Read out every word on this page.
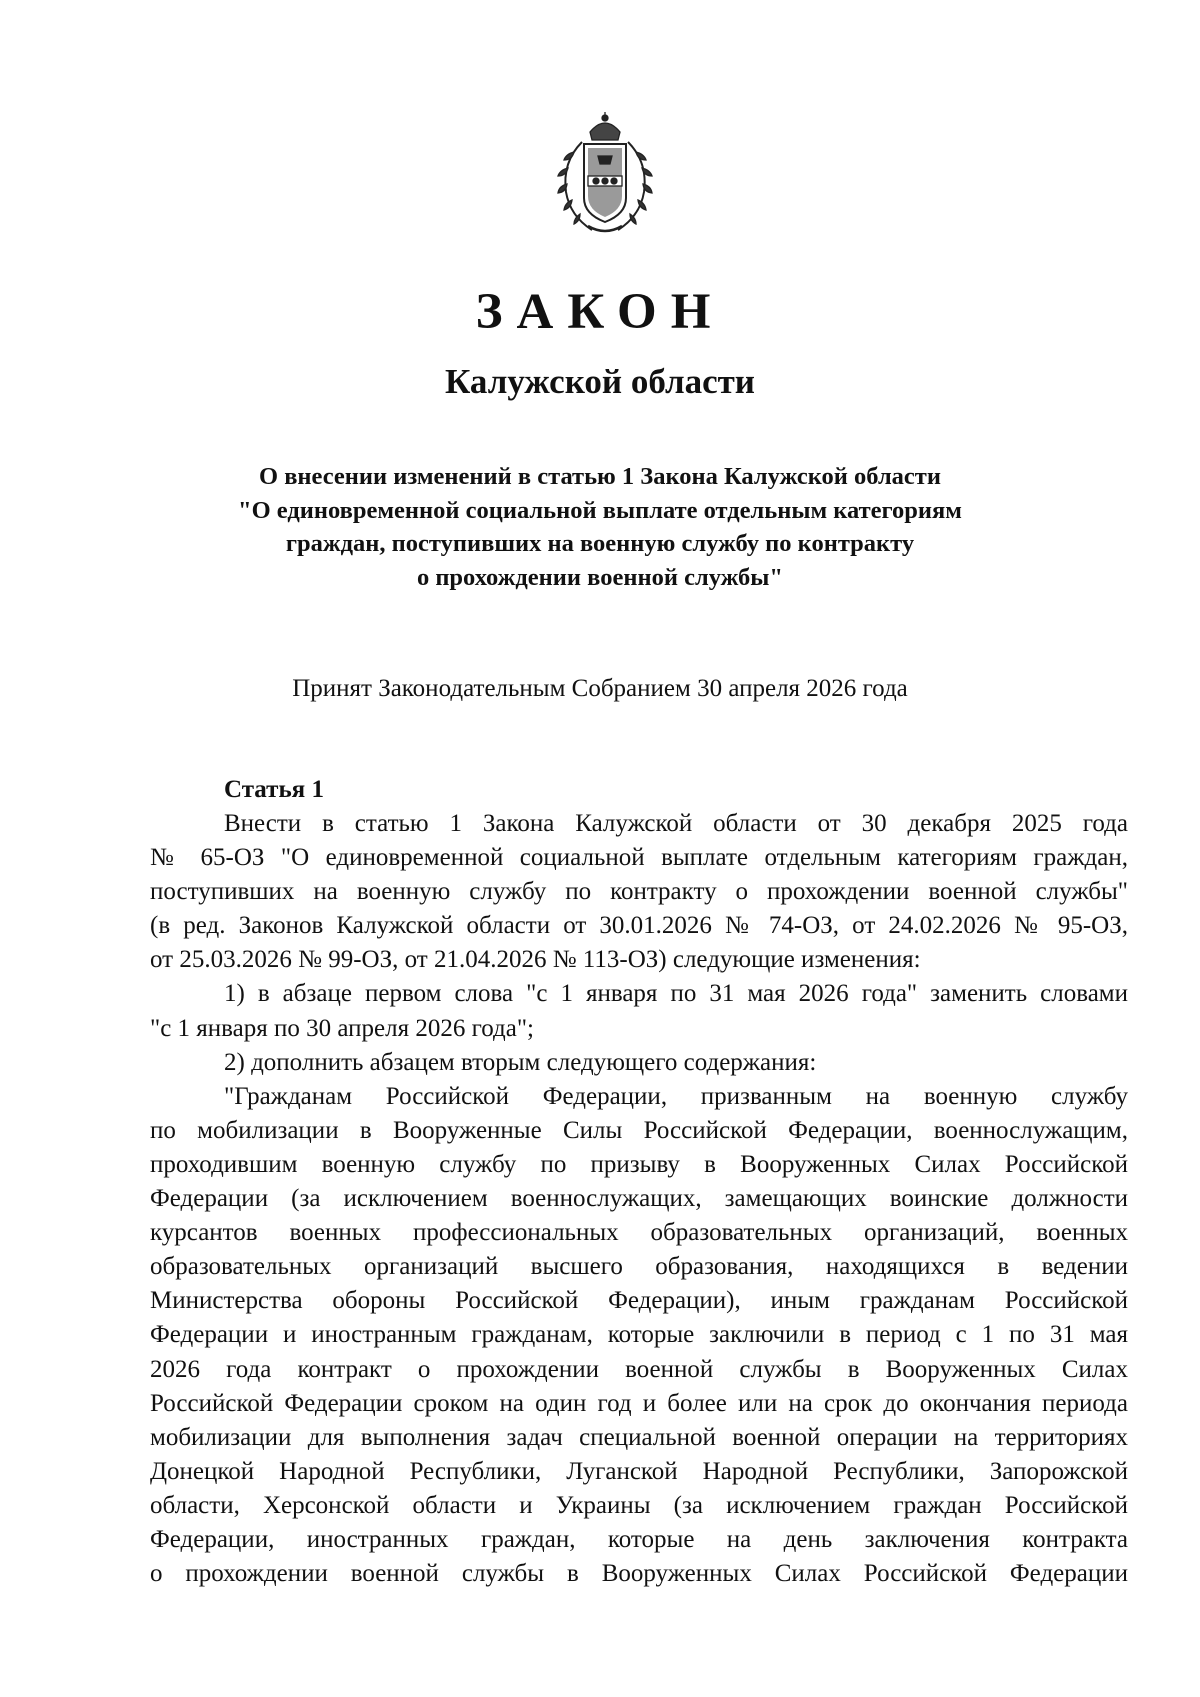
ЗАКОН
Калужской области
О внесении изменений в статью 1 Закона Калужской области
"О единовременной социальной выплате отдельным категориям
граждан, поступивших на военную службу по контракту
о прохождении военной службы"
Принят Законодательным Собранием 30 апреля 2026 года

Статья 1

Внести в статью 1 Закона Калужской области от 30 декабря 2025 года
№ 65-ОЗ "О единовременной социальной выплате отдельным категориям граждан,
поступивших на военную службу по контракту о прохождении военной службы"
(в ред. Законов Калужской области от 30.01.2026 № 74-ОЗ, от 24.02.2026 № 95-ОЗ,
от 25.03.2026 № 99-ОЗ, от 21.04.2026 № 113-ОЗ) следующие изменения:
1) в абзаце первом слова "с 1 января по 31 мая 2026 года" заменить словами
"с 1 января по 30 апреля 2026 года";
2) дополнить абзацем вторым следующего содержания:
"Гражданам Российской Федерации, призванным на военную службу
по мобилизации в Вооруженные Силы Российской Федерации, военнослужащим,
проходившим военную службу по призыву в Вооруженных Силах Российской
Федерации (за исключением военнослужащих, замещающих воинские должности
курсантов военных профессиональных образовательных организаций, военных
образовательных организаций высшего образования, находящихся в ведении
Министерства обороны Российской Федерации), иным гражданам Российской
Федерации и иностранным гражданам, которые заключили в период с 1 по 31 мая
2026 года контракт о прохождении военной службы в Вооруженных Силах
Российской Федерации сроком на один год и более или на срок до окончания периода
мобилизации для выполнения задач специальной военной операции на территориях
Донецкой Народной Республики, Луганской Народной Республики, Запорожской
области, Херсонской области и Украины (за исключением граждан Российской
Федерации, иностранных граждан, которые на день заключения контракта
о прохождении военной службы в Вооруженных Силах Российской Федерации
